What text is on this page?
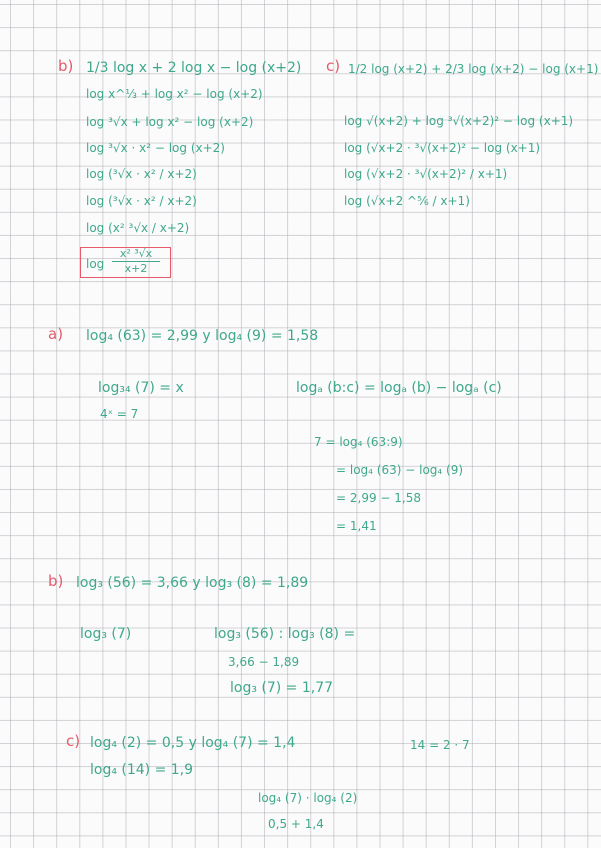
b) 1/3 log x + 2 log x − log (x+2)
log x^⅓ + log x² − log (x+2)
log ³√x + log x² − log (x+2)
log ³√x · x² − log (x+2)
log (³√x · x² / x+2)
log (³√x · x² / x+2)
log (x² ³√x / x+2)
log
x² ³√x
x+2
c) 1/2 log (x+2) + 2/3 log (x+2) − log (x+1)
log √(x+2) + log ³√(x+2)² − log (x+1)
log (√x+2 · ³√(x+2)² − log (x+1)
log (√x+2 · ³√(x+2)² / x+1)
log (√x+2 ^⅚ / x+1)
a) log₄ (63) = 2,99 y log₄ (9) = 1,58
log₃₄ (7) = x
4ˣ = 7
logₐ (b:c) = logₐ (b) − logₐ (c)
7 = log₄ (63:9)
= log₄ (63) − log₄ (9)
= 2,99 − 1,58
= 1,41
b) log₃ (56) = 3,66 y log₃ (8) = 1,89
log₃ (7)	log₃ (56) : log₃ (8) =
3,66 − 1,89
log₃ (7) = 1,77
c) log₄ (2) = 0,5 y log₄ (7) = 1,4	14 = 2 · 7
log₄ (14) = 1,9
log₄ (7) · log₄ (2)
0,5 + 1,4
